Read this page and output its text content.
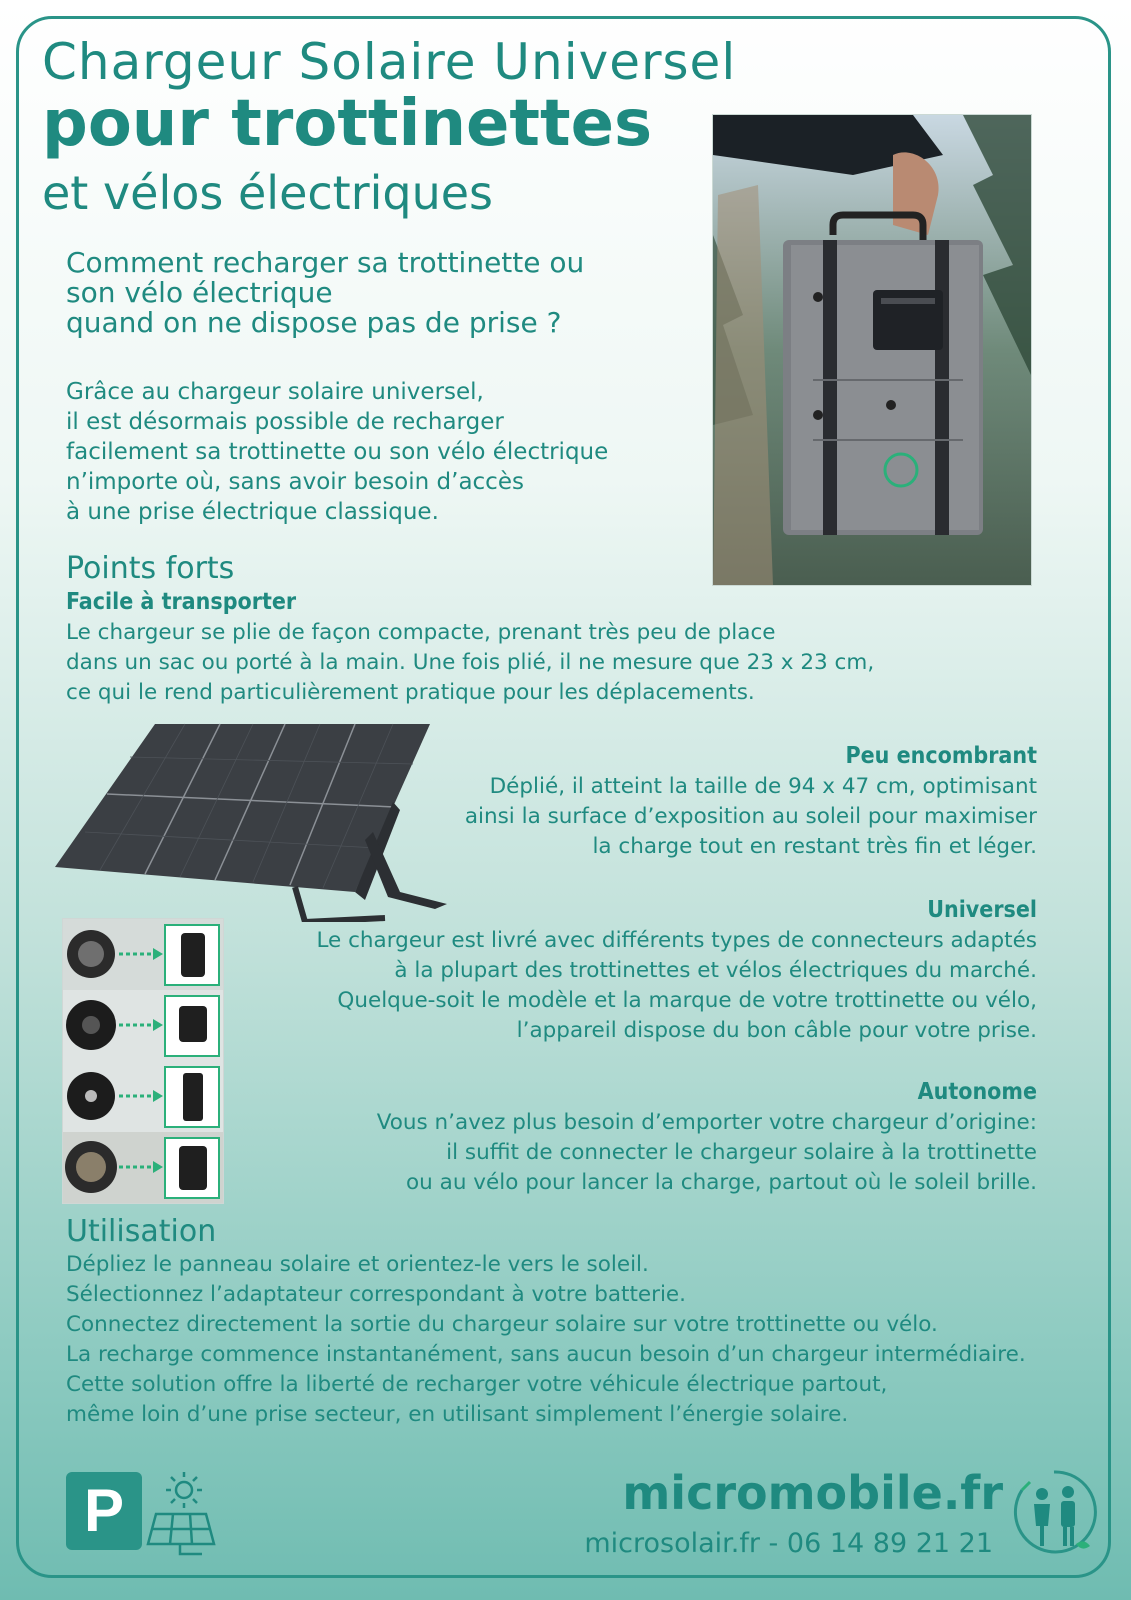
Chargeur Solaire Universel
pour trottinettes
et vélos électriques
Comment recharger sa trottinette ou
son vélo électrique
quand on ne dispose pas de prise ?
Grâce au chargeur solaire universel,
il est désormais possible de recharger
facilement sa trottinette ou son vélo électrique
n’importe où, sans avoir besoin d’accès
à une prise électrique classique.
Points forts
Facile à transporter
Le chargeur se plie de façon compacte, prenant très peu de place
dans un sac ou porté à la main. Une fois plié, il ne mesure que 23 x 23 cm,
ce qui le rend particulièrement pratique pour les déplacements.
Peu encombrant
Déplié, il atteint la taille de 94 x 47 cm, optimisant
ainsi la surface d’exposition au soleil pour maximiser
la charge tout en restant très fin et léger.
Universel
Le chargeur est livré avec différents types de connecteurs adaptés
à la plupart des trottinettes et vélos électriques du marché.
Quelque-soit le modèle et la marque de votre trottinette ou vélo,
l’appareil dispose du bon câble pour votre prise.
Autonome
Vous n’avez plus besoin d’emporter votre chargeur d’origine:
il suffit de connecter le chargeur solaire à la trottinette
ou au vélo pour lancer la charge, partout où le soleil brille.
Utilisation
Dépliez le panneau solaire et orientez-le vers le soleil.
Sélectionnez l’adaptateur correspondant à votre batterie.
Connectez directement la sortie du chargeur solaire sur votre trottinette ou vélo.
La recharge commence instantanément, sans aucun besoin d’un chargeur intermédiaire.
Cette solution offre la liberté de recharger votre véhicule électrique partout,
même loin d’une prise secteur, en utilisant simplement l’énergie solaire.
P	micromobile.fr
microsolair.fr - 06 14 89 21 21
